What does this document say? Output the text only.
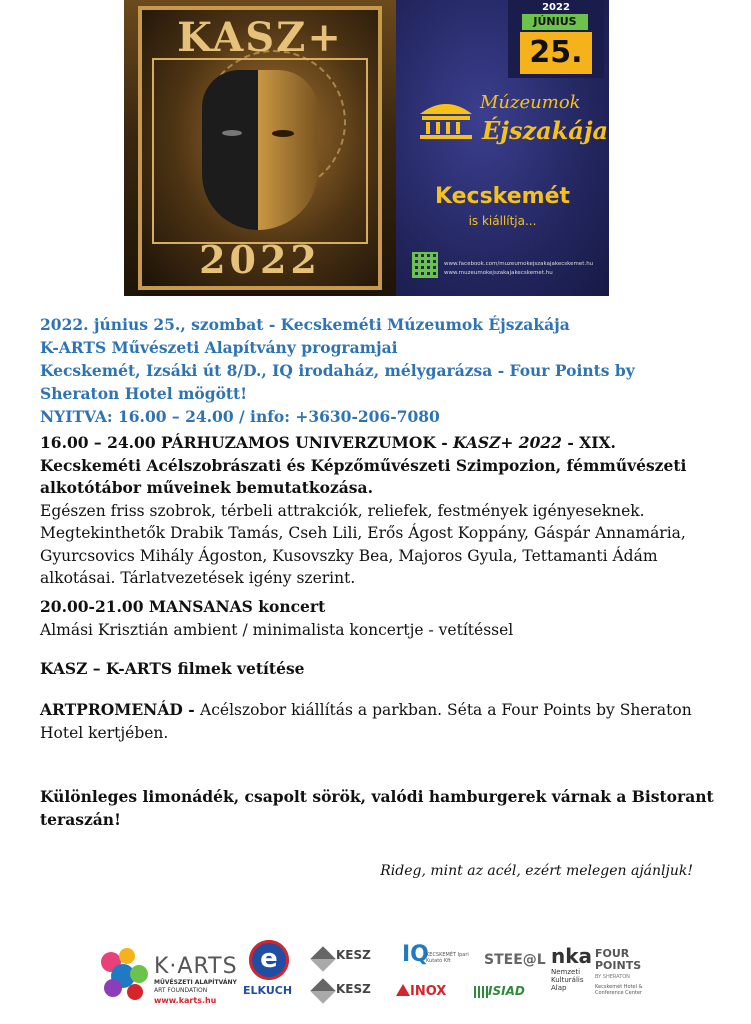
KASZ+
2022
2022
JÚNIUS
25.
Múzeumok
Éjszakája
Kecskemét
is kiállítja...
www.facebook.com/muzeumokejszakajakecskemet.hu
www.muzeumokejszakajakecskemet.hu
2022. június 25., szombat - Kecskeméti Múzeumok Éjszakája
K-ARTS Művészeti Alapítvány programjai
Kecskemét, Izsáki út 8/D., IQ irodaház, mélygarázsa - Four Points by
Sheraton Hotel mögött!
NYITVA: 16.00 – 24.00 / info: +3630-206-7080
16.00 – 24.00 PÁRHUZAMOS UNIVERZUMOK - KASZ+ 2022 - XIX. Kecskeméti Acélszobrászati és Képzőművészeti Szimpozion, fémművészeti alkotótábor műveinek bemutatkozása.
Egészen friss szobrok, térbeli attrakciók, reliefek, festmények igényeseknek. Megtekinthetők Drabik Tamás, Cseh Lili, Erős Ágost Koppány, Gáspár Annamária, Gyurcsovics Mihály Ágoston, Kusovszky Bea, Majoros Gyula, Tettamanti Ádám alkotásai. Tárlatvezetések igény szerint.
20.00-21.00 MANSANAS koncert
Almási Krisztián ambient / minimalista koncertje - vetítéssel
KASZ – K-ARTS filmek vetítése
ARTPROMENÁD - Acélszobor kiállítás a parkban. Séta a Four Points by Sheraton Hotel kertjében.
Különleges limonádék, csapolt sörök, valódi hamburgerek várnak a Bistorant teraszán!
Rideg, mint az acél, ezért melegen ajánljuk!
K·ARTS
MŰVÉSZETI ALAPÍTVÁNY
ART FOUNDATION
www.karts.hu
e
ELKUCH
KESZ
KESZ
IQ
KECSKEMÉT Ipari Kutató Kft
INOX
STEE@L
ISIAD
nka
Nemzeti Kulturális Alap
FOUR POINTS
BY SHERATON
Kecskemét Hotel & Conference Center
